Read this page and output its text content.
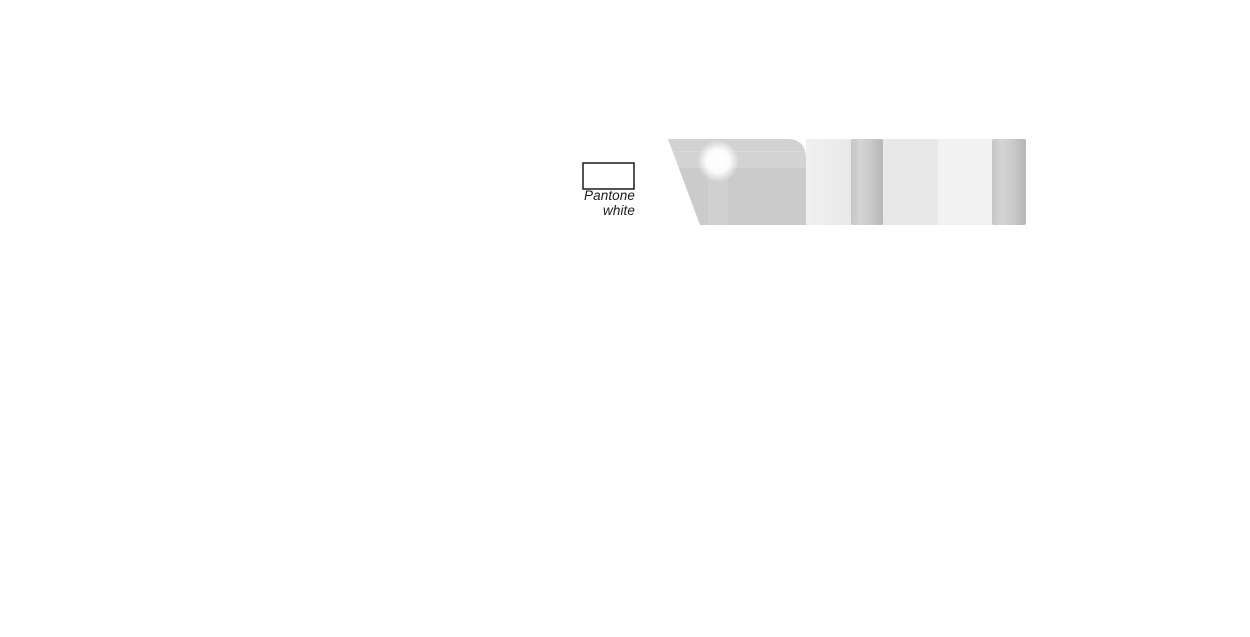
Pantone
white
